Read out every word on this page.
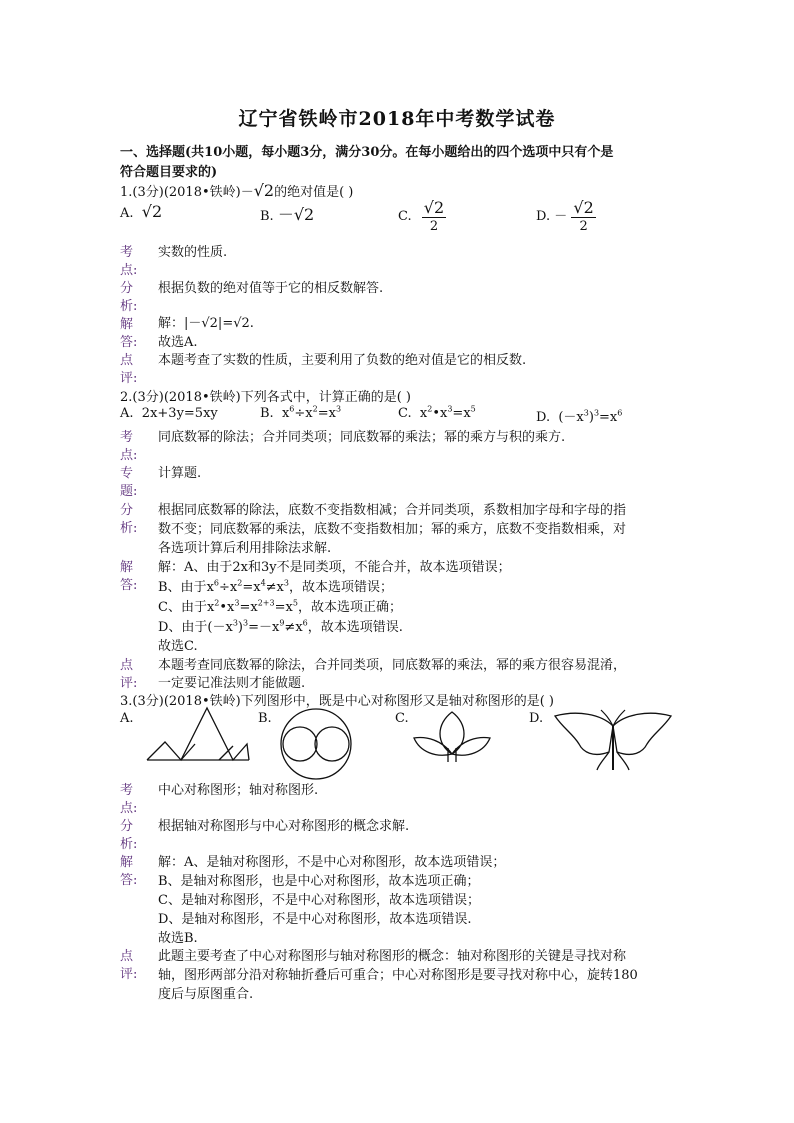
辽宁省铁岭市2018年中考数学试卷
一、选择题(共10小题，每小题3分，满分30分。在每小题给出的四个选项中只有个是
符合题目要求的)
1.(3分)(2018•铁岭)－√2的绝对值是( )
A. √2	B. －√2	C. $\frac{√2}{2}$	D. － $\frac{√2}{2}$
考
点:
实数的性质.
分
析:
根据负数的绝对值等于它的相反数解答.
解
答:
解：|－√2|=√2.
故选A.
点
评:
本题考查了实数的性质，主要利用了负数的绝对值是它的相反数.
2.(3分)(2018•铁岭)下列各式中，计算正确的是( )
A. 2x+3y=5xy	B.  $x^6\div x^2=x^3$	C.  $x^2•x^3=x^5$
D.  $(-x^3)^3=x^6$
考
点:
同底数幂的除法；合并同类项；同底数幂的乘法；幂的乘方与积的乘方.
专
题:
计算题.
分
析:
根据同底数幂的除法，底数不变指数相减；合并同类项，系数相加字母和字母的指
数不变；同底数幂的乘法，底数不变指数相加；幂的乘方，底数不变指数相乘，对
各选项计算后利用排除法求解.
解
答:
解：A、由于2x和3y不是同类项，不能合并，故本选项错误；
B、由于$x^6\div x^2=x^4\ne x^3$，故本选项错误；
C、由于$x^2•x^3=x^{2+3}=x^5$，故本选项正确；
D、由于$(-x^3)^3=-x^9\ne x^6$，故本选项错误.
故选C.
点
评:
本题考查同底数幂的除法，合并同类项，同底数幂的乘法，幂的乘方很容易混淆，
一定要记准法则才能做题.
3.(3分)(2018•铁岭)下列图形中，既是中心对称图形又是轴对称图形的是( )
A.	B.	C.	D.
考
点:
中心对称图形；轴对称图形.
分
析:
根据轴对称图形与中心对称图形的概念求解.
解
答:
解：A、是轴对称图形，不是中心对称图形，故本选项错误；
B、是轴对称图形，也是中心对称图形，故本选项正确；
C、是轴对称图形，不是中心对称图形，故本选项错误；
D、是轴对称图形，不是中心对称图形，故本选项错误.
故选B.
点
评:
此题主要考查了中心对称图形与轴对称图形的概念：轴对称图形的关键是寻找对称
轴，图形两部分沿对称轴折叠后可重合；中心对称图形是要寻找对称中心，旋转180
度后与原图重合.
